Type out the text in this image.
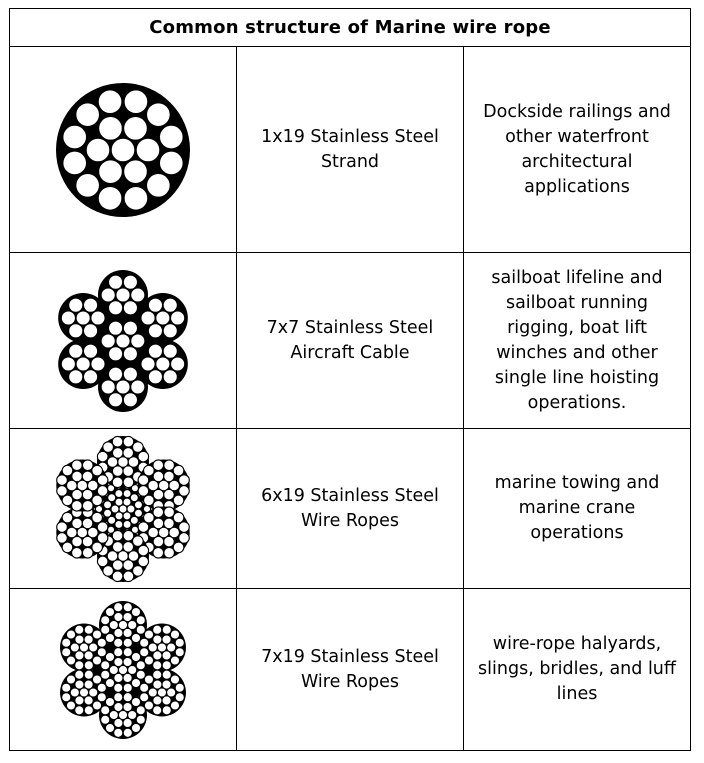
Common structure of Marine wire rope		

	1x19 Stainless Steel Strand	Dockside railings and other waterfront architectural applications

	7x7 Stainless Steel Aircraft Cable	sailboat lifeline and sailboat running rigging, boat lift winches and other single line hoisting operations.

	6x19 Stainless Steel Wire Ropes	marine towing and marine crane operations

	7x19 Stainless Steel Wire Ropes	wire-rope halyards, slings, bridles, and luff lines
